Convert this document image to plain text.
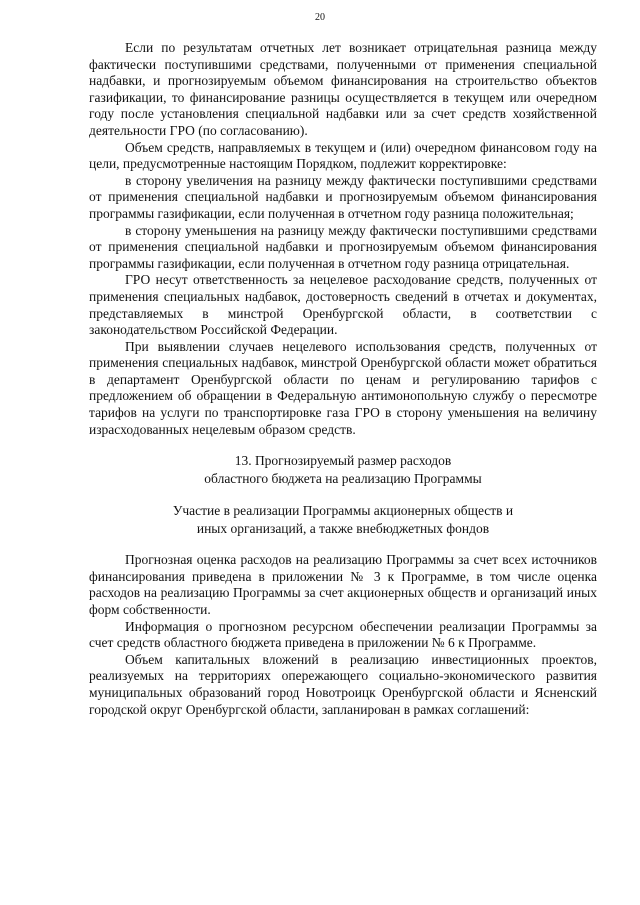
20

Если по результатам отчетных лет возникает отрицательная разница между фактически поступившими средствами, полученными от применения специальной надбавки, и прогнозируемым объемом финансирования на строительство объектов газификации, то финансирование разницы осуществляется в текущем или очередном году после установления специальной надбавки или за счет средств хозяйственной деятельности ГРО (по согласованию).

Объем средств, направляемых в текущем и (или) очередном финансовом году на цели, предусмотренные настоящим Порядком, подлежит корректировке:

в сторону увеличения на разницу между фактически поступившими средствами от применения специальной надбавки и прогнозируемым объемом финансирования программы газификации, если полученная в отчетном году разница положительная;

в сторону уменьшения на разницу между фактически поступившими средствами от применения специальной надбавки и прогнозируемым объемом финансирования программы газификации, если полученная в отчетном году разница отрицательная.

ГРО несут ответственность за нецелевое расходование средств, полученных от применения специальных надбавок, достоверность сведений в отчетах и документах, представляемых в минстрой Оренбургской области, в соответствии с законодательством Российской Федерации.

При выявлении случаев нецелевого использования средств, полученных от применения специальных надбавок, минстрой Оренбургской области может обратиться в департамент Оренбургской области по ценам и регулированию тарифов с предложением об обращении в Федеральную антимонопольную службу о пересмотре тарифов на услуги по транспортировке газа ГРО в сторону уменьшения на величину израсходованных нецелевым образом средств.

13. Прогнозируемый размер расходов
областного бюджета на реализацию Программы
Участие в реализации Программы акционерных обществ и
иных организаций, а также внебюджетных фондов

Прогнозная оценка расходов на реализацию Программы за счет всех источников финансирования приведена в приложении № 3 к Программе, в том числе оценка расходов на реализацию Программы за счет акционерных обществ и организаций иных форм собственности.

Информация о прогнозном ресурсном обеспечении реализации Программы за счет средств областного бюджета приведена в приложении № 6 к Программе.

Объем капитальных вложений в реализацию инвестиционных проектов, реализуемых на территориях опережающего социально-экономического развития муниципальных образований город Новотроицк Оренбургской области и Ясненский городской округ Оренбургской области, запланирован в рамках соглашений:
